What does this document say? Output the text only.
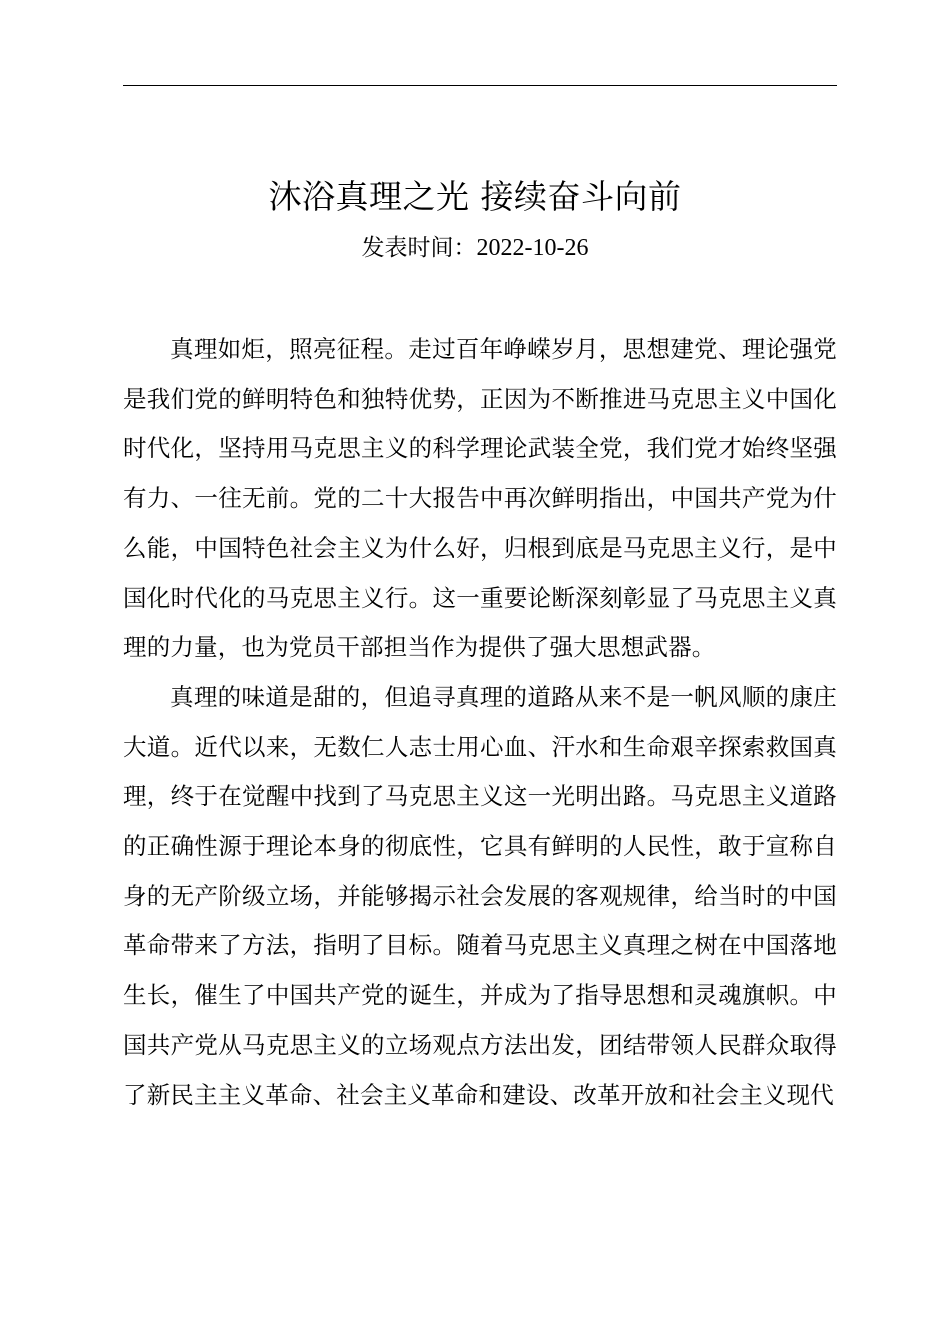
沐浴真理之光 接续奋斗向前
发表时间：2022-10-26

真理如炬，照亮征程。走过百年峥嵘岁月，思想建党、理论强党是我们党的鲜明特色和独特优势，正因为不断推进马克思主义中国化时代化，坚持用马克思主义的科学理论武装全党，我们党才始终坚强有力、一往无前。党的二十大报告中再次鲜明指出，中国共产党为什么能，中国特色社会主义为什么好，归根到底是马克思主义行，是中国化时代化的马克思主义行。这一重要论断深刻彰显了马克思主义真理的力量，也为党员干部担当作为提供了强大思想武器。

真理的味道是甜的，但追寻真理的道路从来不是一帆风顺的康庄大道。近代以来，无数仁人志士用心血、汗水和生命艰辛探索救国真理，终于在觉醒中找到了马克思主义这一光明出路。马克思主义道路的正确性源于理论本身的彻底性，它具有鲜明的人民性，敢于宣称自身的无产阶级立场，并能够揭示社会发展的客观规律，给当时的中国革命带来了方法，指明了目标。随着马克思主义真理之树在中国落地生长，催生了中国共产党的诞生，并成为了指导思想和灵魂旗帜。中国共产党从马克思主义的立场观点方法出发，团结带领人民群众取得了新民主主义革命、社会主义革命和建设、改革开放和社会主义现代
